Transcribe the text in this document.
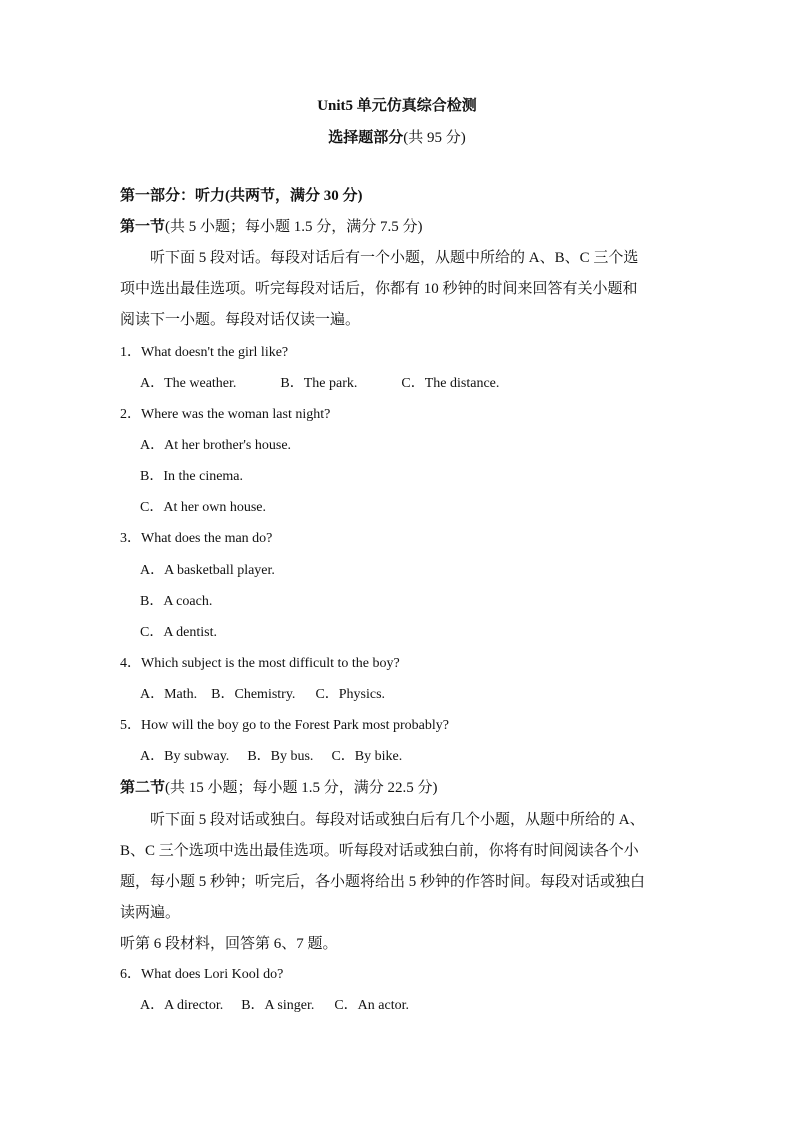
Unit5 单元仿真综合检测
选择题部分(共 95 分)
第一部分：听力(共两节，满分 30 分)
第一节(共 5 小题；每小题 1.5 分，满分 7.5 分)
听下面 5 段对话。每段对话后有一个小题，从题中所给的 A、B、C 三个选
项中选出最佳选项。听完每段对话后，你都有 10 秒钟的时间来回答有关小题和
阅读下一小题。每段对话仅读一遍。
1．What doesn't the girl like?
A．The weather.	B．The park.	C．The distance.
2．Where was the woman last night?
A．At her brother's house.
B．In the cinema.
C．At her own house.
3．What does the man do?
A．A basketball player.
B．A coach.
C．A dentist.
4．Which subject is the most difficult to the boy?
A．Math. B．Chemistry. C．Physics.
5．How will the boy go to the Forest Park most probably?
A．By subway. B．By bus. C．By bike.
第二节(共 15 小题；每小题 1.5 分，满分 22.5 分)
听下面 5 段对话或独白。每段对话或独白后有几个小题，从题中所给的 A、
B、C 三个选项中选出最佳选项。听每段对话或独白前，你将有时间阅读各个小
题，每小题 5 秒钟；听完后，各小题将给出 5 秒钟的作答时间。每段对话或独白
读两遍。
听第 6 段材料，回答第 6、7 题。
6．What does Lori Kool do?
A．A director. B．A singer. C．An actor.
